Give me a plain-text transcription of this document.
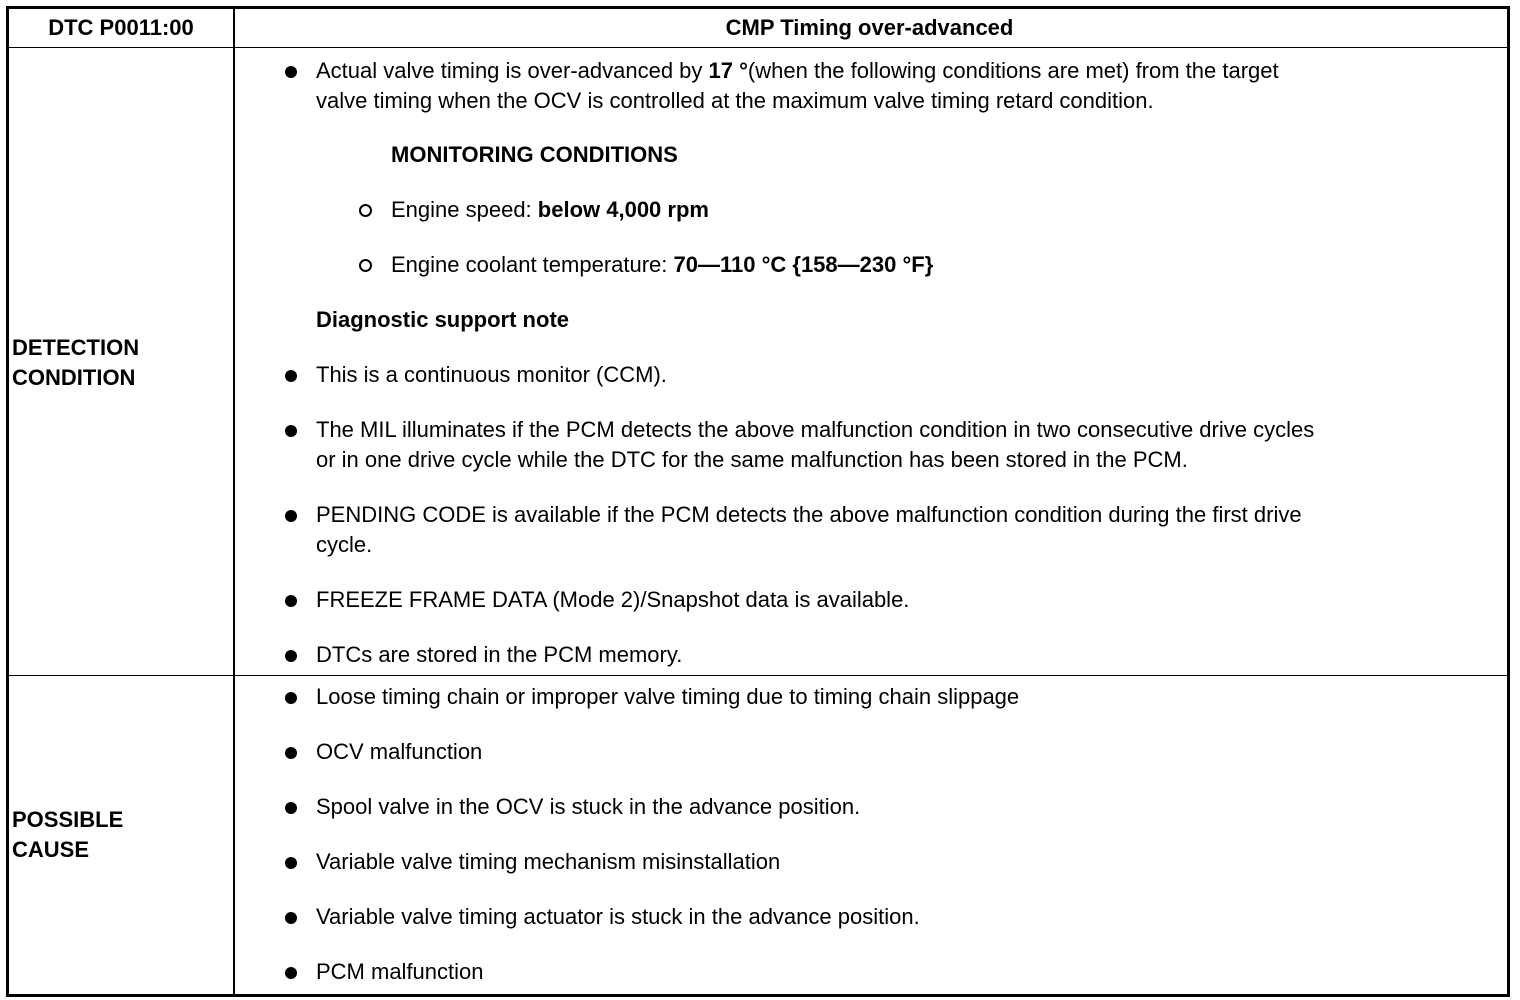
DTC P0011:00	CMP Timing over-advanced
DETECTION
CONDITION
Actual valve timing is over-advanced by 17 °(when the following conditions are met) from the target
valve timing when the OCV is controlled at the maximum valve timing retard condition.
MONITORING CONDITIONS
Engine speed: below 4,000 rpm
Engine coolant temperature: 70—110 °C {158—230 °F}
Diagnostic support note
This is a continuous monitor (CCM).
The MIL illuminates if the PCM detects the above malfunction condition in two consecutive drive cycles
or in one drive cycle while the DTC for the same malfunction has been stored in the PCM.
PENDING CODE is available if the PCM detects the above malfunction condition during the first drive
cycle.
FREEZE FRAME DATA (Mode 2)/Snapshot data is available.
DTCs are stored in the PCM memory.
POSSIBLE
CAUSE
Loose timing chain or improper valve timing due to timing chain slippage
OCV malfunction
Spool valve in the OCV is stuck in the advance position.
Variable valve timing mechanism misinstallation
Variable valve timing actuator is stuck in the advance position.
PCM malfunction
